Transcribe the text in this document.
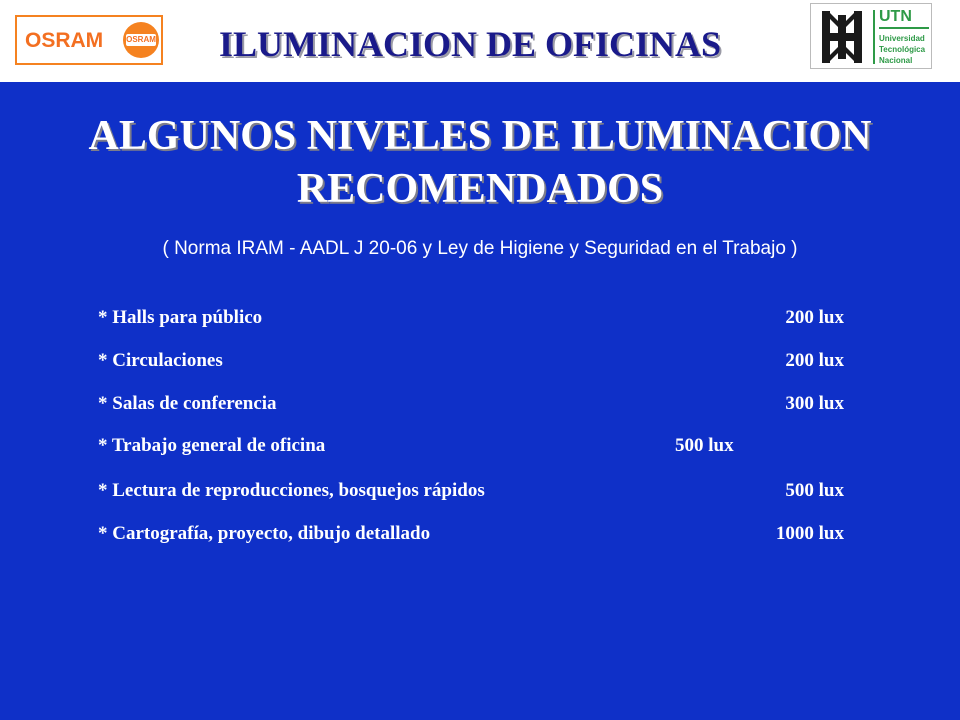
OSRAM	OSRAM	ILUMINACION DE OFICINAS
UTN
Universidad
Tecnológica
Nacional
ALGUNOS NIVELES DE ILUMINACION
RECOMENDADOS
( Norma IRAM - AADL J 20-06 y Ley de Higiene y Seguridad en el Trabajo )
* Halls para público	200 lux
* Circulaciones	200 lux
* Salas de conferencia	300 lux
* Trabajo general de oficina	500 lux
* Lectura de reproducciones, bosquejos rápidos	500 lux
* Cartografía, proyecto, dibujo detallado	1000 lux
